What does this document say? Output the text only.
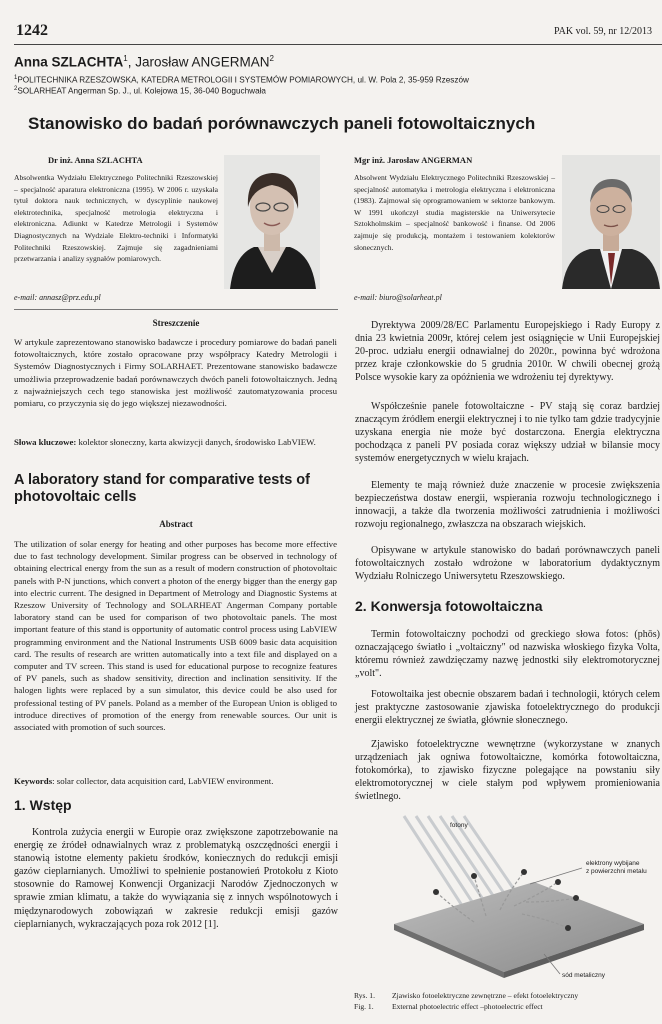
1242	PAK vol. 59, nr 12/2013
Anna SZLACHTA$^1$, Jarosław ANGERMAN$^2$
$^1$POLITECHNIKA RZESZOWSKA, KATEDRA METROLOGII I SYSTEMÓW POMIAROWYCH, ul. W. Pola 2, 35-959 Rzeszów
$^2$SOLARHEAT Angerman Sp. J., ul. Kolejowa 15, 36-040 Boguchwała
Stanowisko do badań porównawczych paneli fotowoltaicznych
Dr inż. Anna SZLACHTA
Absolwentka Wydziału Elektrycznego Politechniki Rzeszowskiej – specjalność aparatura elektroniczna (1995). W 2006 r. uzyskała tytuł doktora nauk technicznych, w dyscyplinie naukowej elektrotechnika, specjalność metrologia elektryczna i elektroniczna. Adiunkt w Katedrze Metrologii i Systemów Diagnostycznych na Wydziale Elektro-techniki i Informatyki Politechniki Rzeszowskiej. Zajmuje się zagadnieniami przetwarzania i analizy sygnałów pomiarowych.
e-mail: annasz@prz.edu.pl
Mgr inż. Jarosław ANGERMAN
Absolwent Wydziału Elektrycznego Politechniki Rzeszowskiej – specjalność automatyka i metrologia elektryczna i elektroniczna (1983). Zajmował się oprogramowaniem w sektorze bankowym. W 1991 ukończył studia magisterskie na Uniwersytecie Sztokholmskim – specjalność bankowość i finanse. Od 2006 zajmuje się produkcją, montażem i testowaniem kolektorów słonecznych.
e-mail: biuro@solarheat.pl
Streszczenie
W artykule zaprezentowano stanowisko badawcze i procedury pomiarowe do badań paneli fotowoltaicznych, które zostało opracowane przy współpracy Katedry Metrologii i Systemów Diagnostycznych i Firmy SOLARHAET. Prezentowane stanowisko badawcze umożliwia przeprowadzenie badań porównawczych dwóch paneli fotowoltaicznych. Jedną z najważniejszych cech tego stanowiska jest możliwość zautomatyzowania procesu pomiaru, co przyczynia się do jego większej niezawodności.
Słowa kluczowe: kolektor słoneczny, karta akwizycji danych, środowisko LabVIEW.
A laboratory stand for comparative tests of photovoltaic cells
Abstract
The utilization of solar energy for heating and other purposes has become more effective due to fast technology development. Similar progress can be observed in technology of obtaining electrical energy from the sun as a result of modern construction of photovoltaic panels with P-N junctions, which convert a photon of the energy bigger than the energy gap into electric current. The designed in Department of Metrology and Diagnostic Systems at Rzeszow University of Technology and SOLARHEAT Angerman Company portable laboratory stand can be used for comparison of two photovoltaic panels. The most important feature of this stand is opportunity of automatic control process using LabVIEW programming environment and the National Instruments USB 6009 basic data acquisition card. The results of research are written automatically into a text file and displayed on a computer and TV screen. This stand is used for educational purpose to recognize features of PV panels, such as shadow sensitivity, direction and inclination sensitivity. If the halogen lights were replaced by a sun simulator, this device could be also used for professional testing of PV panels. Poland as a member of the European Union is obliged to introduce directives of promotion of the energy from renewable sources. Our unit is associated with promotion of such sources.
Keywords: solar collector, data acquisition card, LabVIEW environment.
1. Wstęp
Kontrola zużycia energii w Europie oraz zwiększone zapotrzebowanie na energię ze źródeł odnawialnych wraz z problematyką oszczędności energii i stanowią istotne elementy pakietu środków, koniecznych do redukcji emisji gazów cieplarnianych. Umożliwi to spełnienie postanowień Protokołu z Kioto stosownie do Ramowej Konwencji Organizacji Narodów Zjednoczonych w sprawie zmian klimatu, a także do wywiązania się z innych wspólnotowych i międzynarodowych zobowiązań w zakresie redukcji emisji gazów cieplarnianych, wykraczających poza rok 2012 [1].
Dyrektywa 2009/28/EC Parlamentu Europejskiego i Rady Europy z dnia 23 kwietnia 2009r, której celem jest osiągnięcie w Unii Europejskiej 20-proc. udziału energii odnawialnej do 2020r., powinna być wdrożona przez kraje członkowskie do 5 grudnia 2010r. W chwili obecnej grożą Polsce wysokie kary za opóźnienia we wdrożeniu tej dyrektywy.
Współcześnie panele fotowoltaiczne - PV stają się coraz bardziej znaczącym źródłem energii elektrycznej i to nie tylko tam gdzie tradycyjnie uzyskana energia nie może być dostarczona. Energia elektryczna pochodząca z paneli PV posiada coraz większy udział w bilansie mocy systemów energetycznych w wielu krajach.
Elementy te mają również duże znaczenie w procesie zwiększenia bezpieczeństwa dostaw energii, wspierania rozwoju technologicznego i innowacji, a także dla tworzenia możliwości zatrudnienia i możliwości rozwoju regionalnego, zwłaszcza na obszarach wiejskich.
Opisywane w artykule stanowisko do badań porównawczych paneli fotowoltaicznych zostało wdrożone w laboratorium dydaktycznym Wydziału Rolniczego Uniwersytetu Rzeszowskiego.
2. Konwersja fotowoltaiczna
Termin fotowoltaiczny pochodzi od greckiego słowa fotos: (phōs) oznaczającego światło i „voltaiczny" od nazwiska włoskiego fizyka Volta, któremu również zawdzięczamy nazwę jednostki siły elektromotorycznej „volt".
Fotowoltaika jest obecnie obszarem badań i technologii, których celem jest praktyczne zastosowanie zjawiska fotoelektrycznego do produkcji energii elektrycznej ze światła, głównie słonecznego.
Zjawisko fotoelektryczne wewnętrzne (wykorzystane w znanych urządzeniach jak ogniwa fotowoltaiczne, komórka fotowoltaiczna, fotokomórka), to zjawisko fizyczne polegające na powstaniu siły elektromotorycznej w ciele stałym pod wpływem promieniowania świetlnego.
fotony
elektrony wybijane
z powierzchni metalu
sód metaliczny
Rys. 1.	Zjawisko fotoelektryczne zewnętrzne – efekt fotoelektryczny
Fig. 1.	External photoelectric effect –photoelectric effect
